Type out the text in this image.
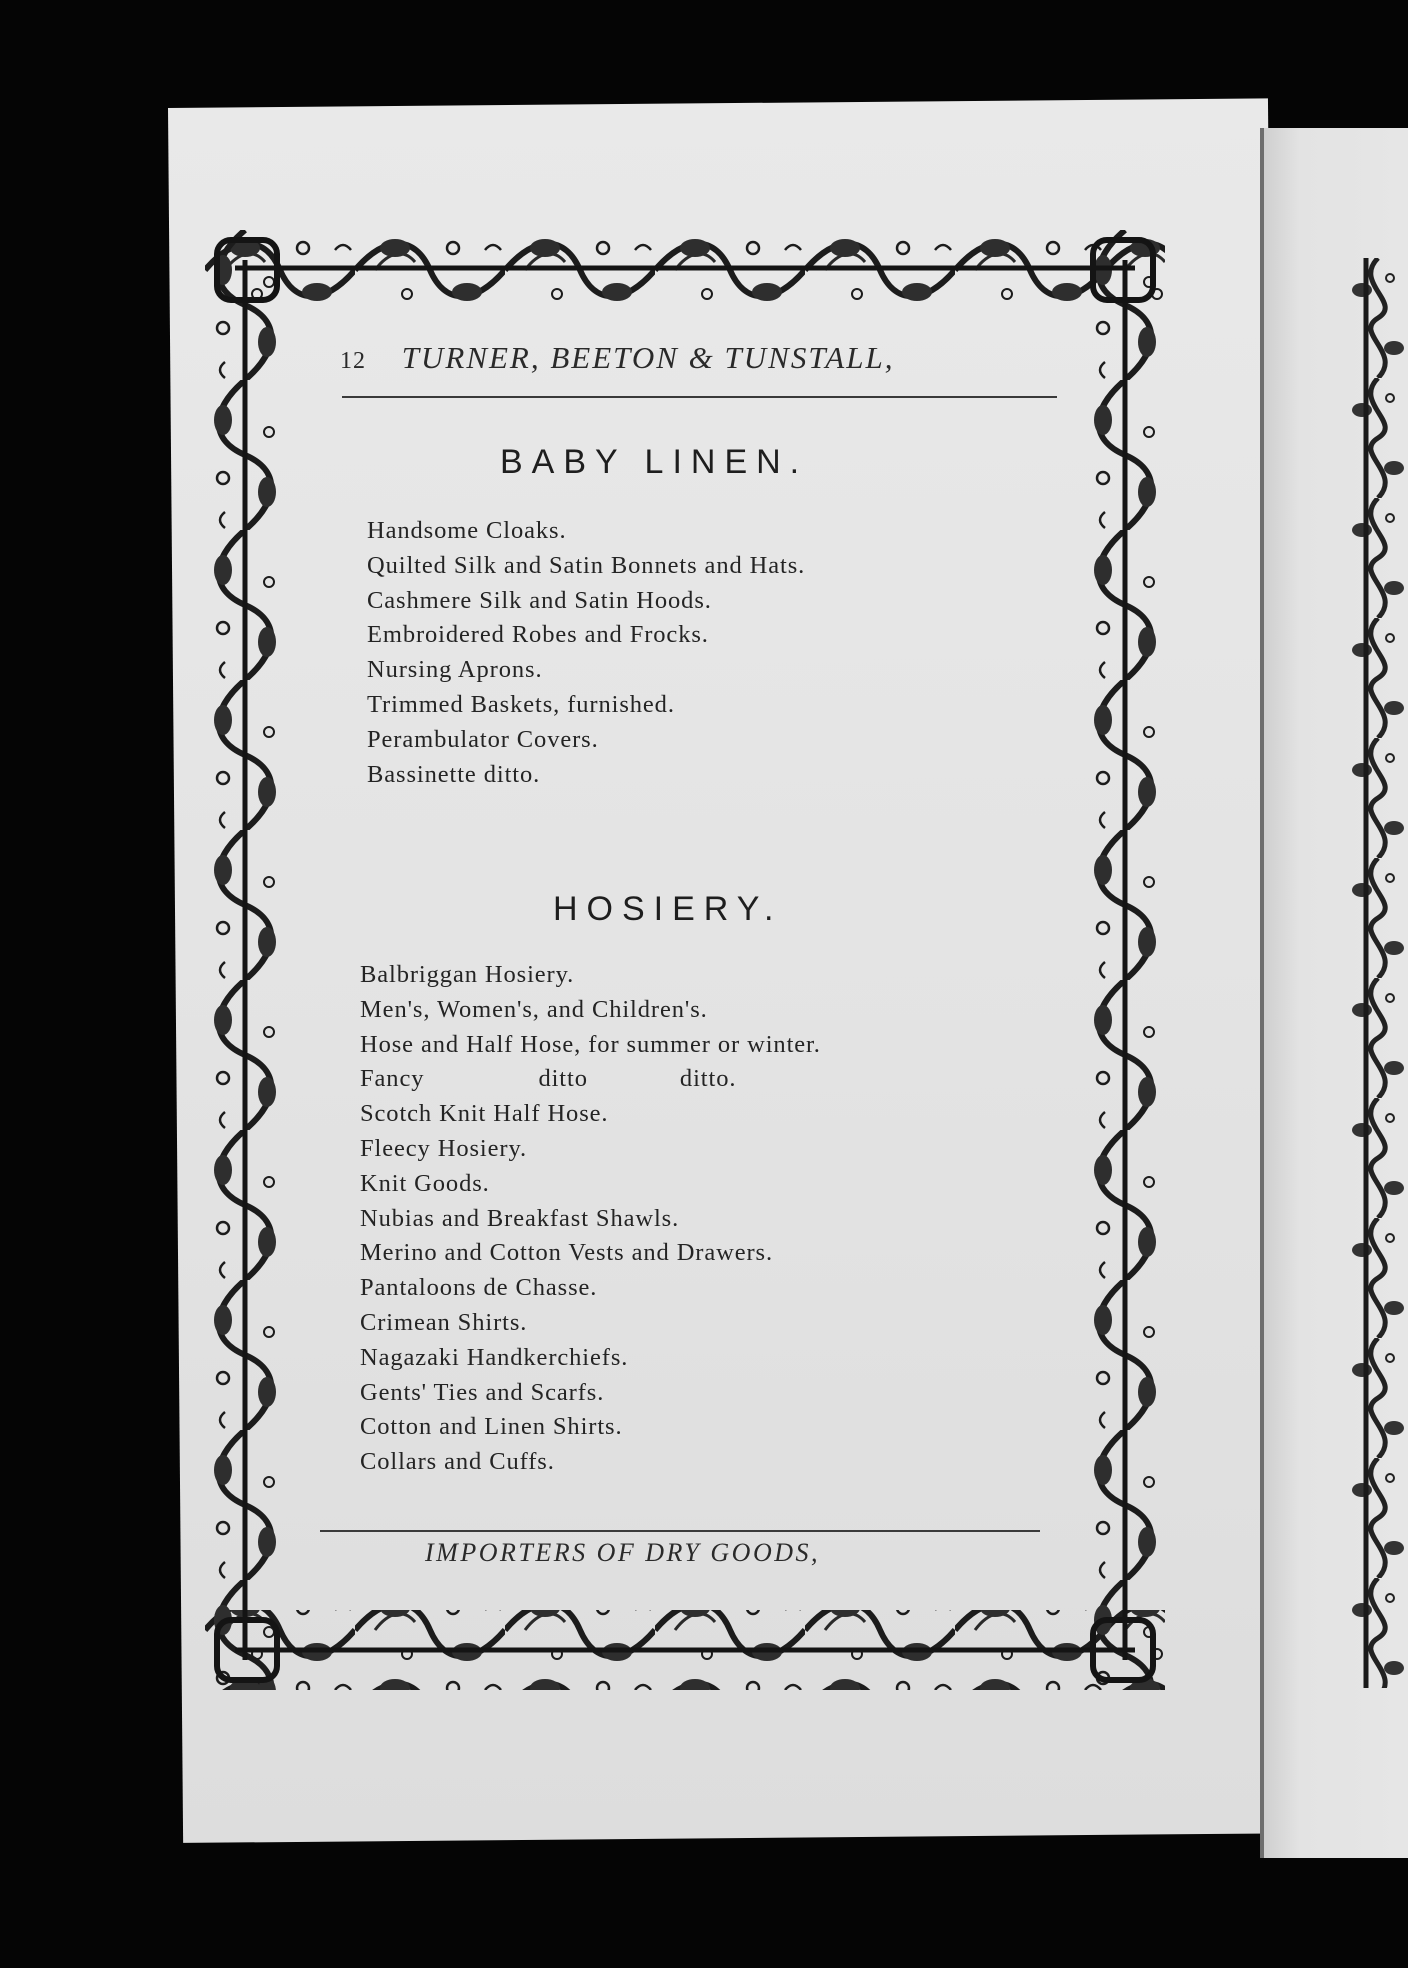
12 TURNER, BEETON & TUNSTALL,
BABY LINEN.
Handsome Cloaks.
Quilted Silk and Satin Bonnets and Hats.
Cashmere Silk and Satin Hoods.
Embroidered Robes and Frocks.
Nursing Aprons.
Trimmed Baskets, furnished.
Perambulator Covers.
Bassinette ditto.
HOSIERY.
Balbriggan Hosiery.
Men's, Women's, and Children's.
Hose and Half Hose, for summer or winter.
Fancy	ditto	ditto.
Scotch Knit Half Hose.
Fleecy Hosiery.
Knit Goods.
Nubias and Breakfast Shawls.
Merino and Cotton Vests and Drawers.
Pantaloons de Chasse.
Crimean Shirts.
Nagazaki Handkerchiefs.
Gents' Ties and Scarfs.
Cotton and Linen Shirts.
Collars and Cuffs.
IMPORTERS OF DRY GOODS,
